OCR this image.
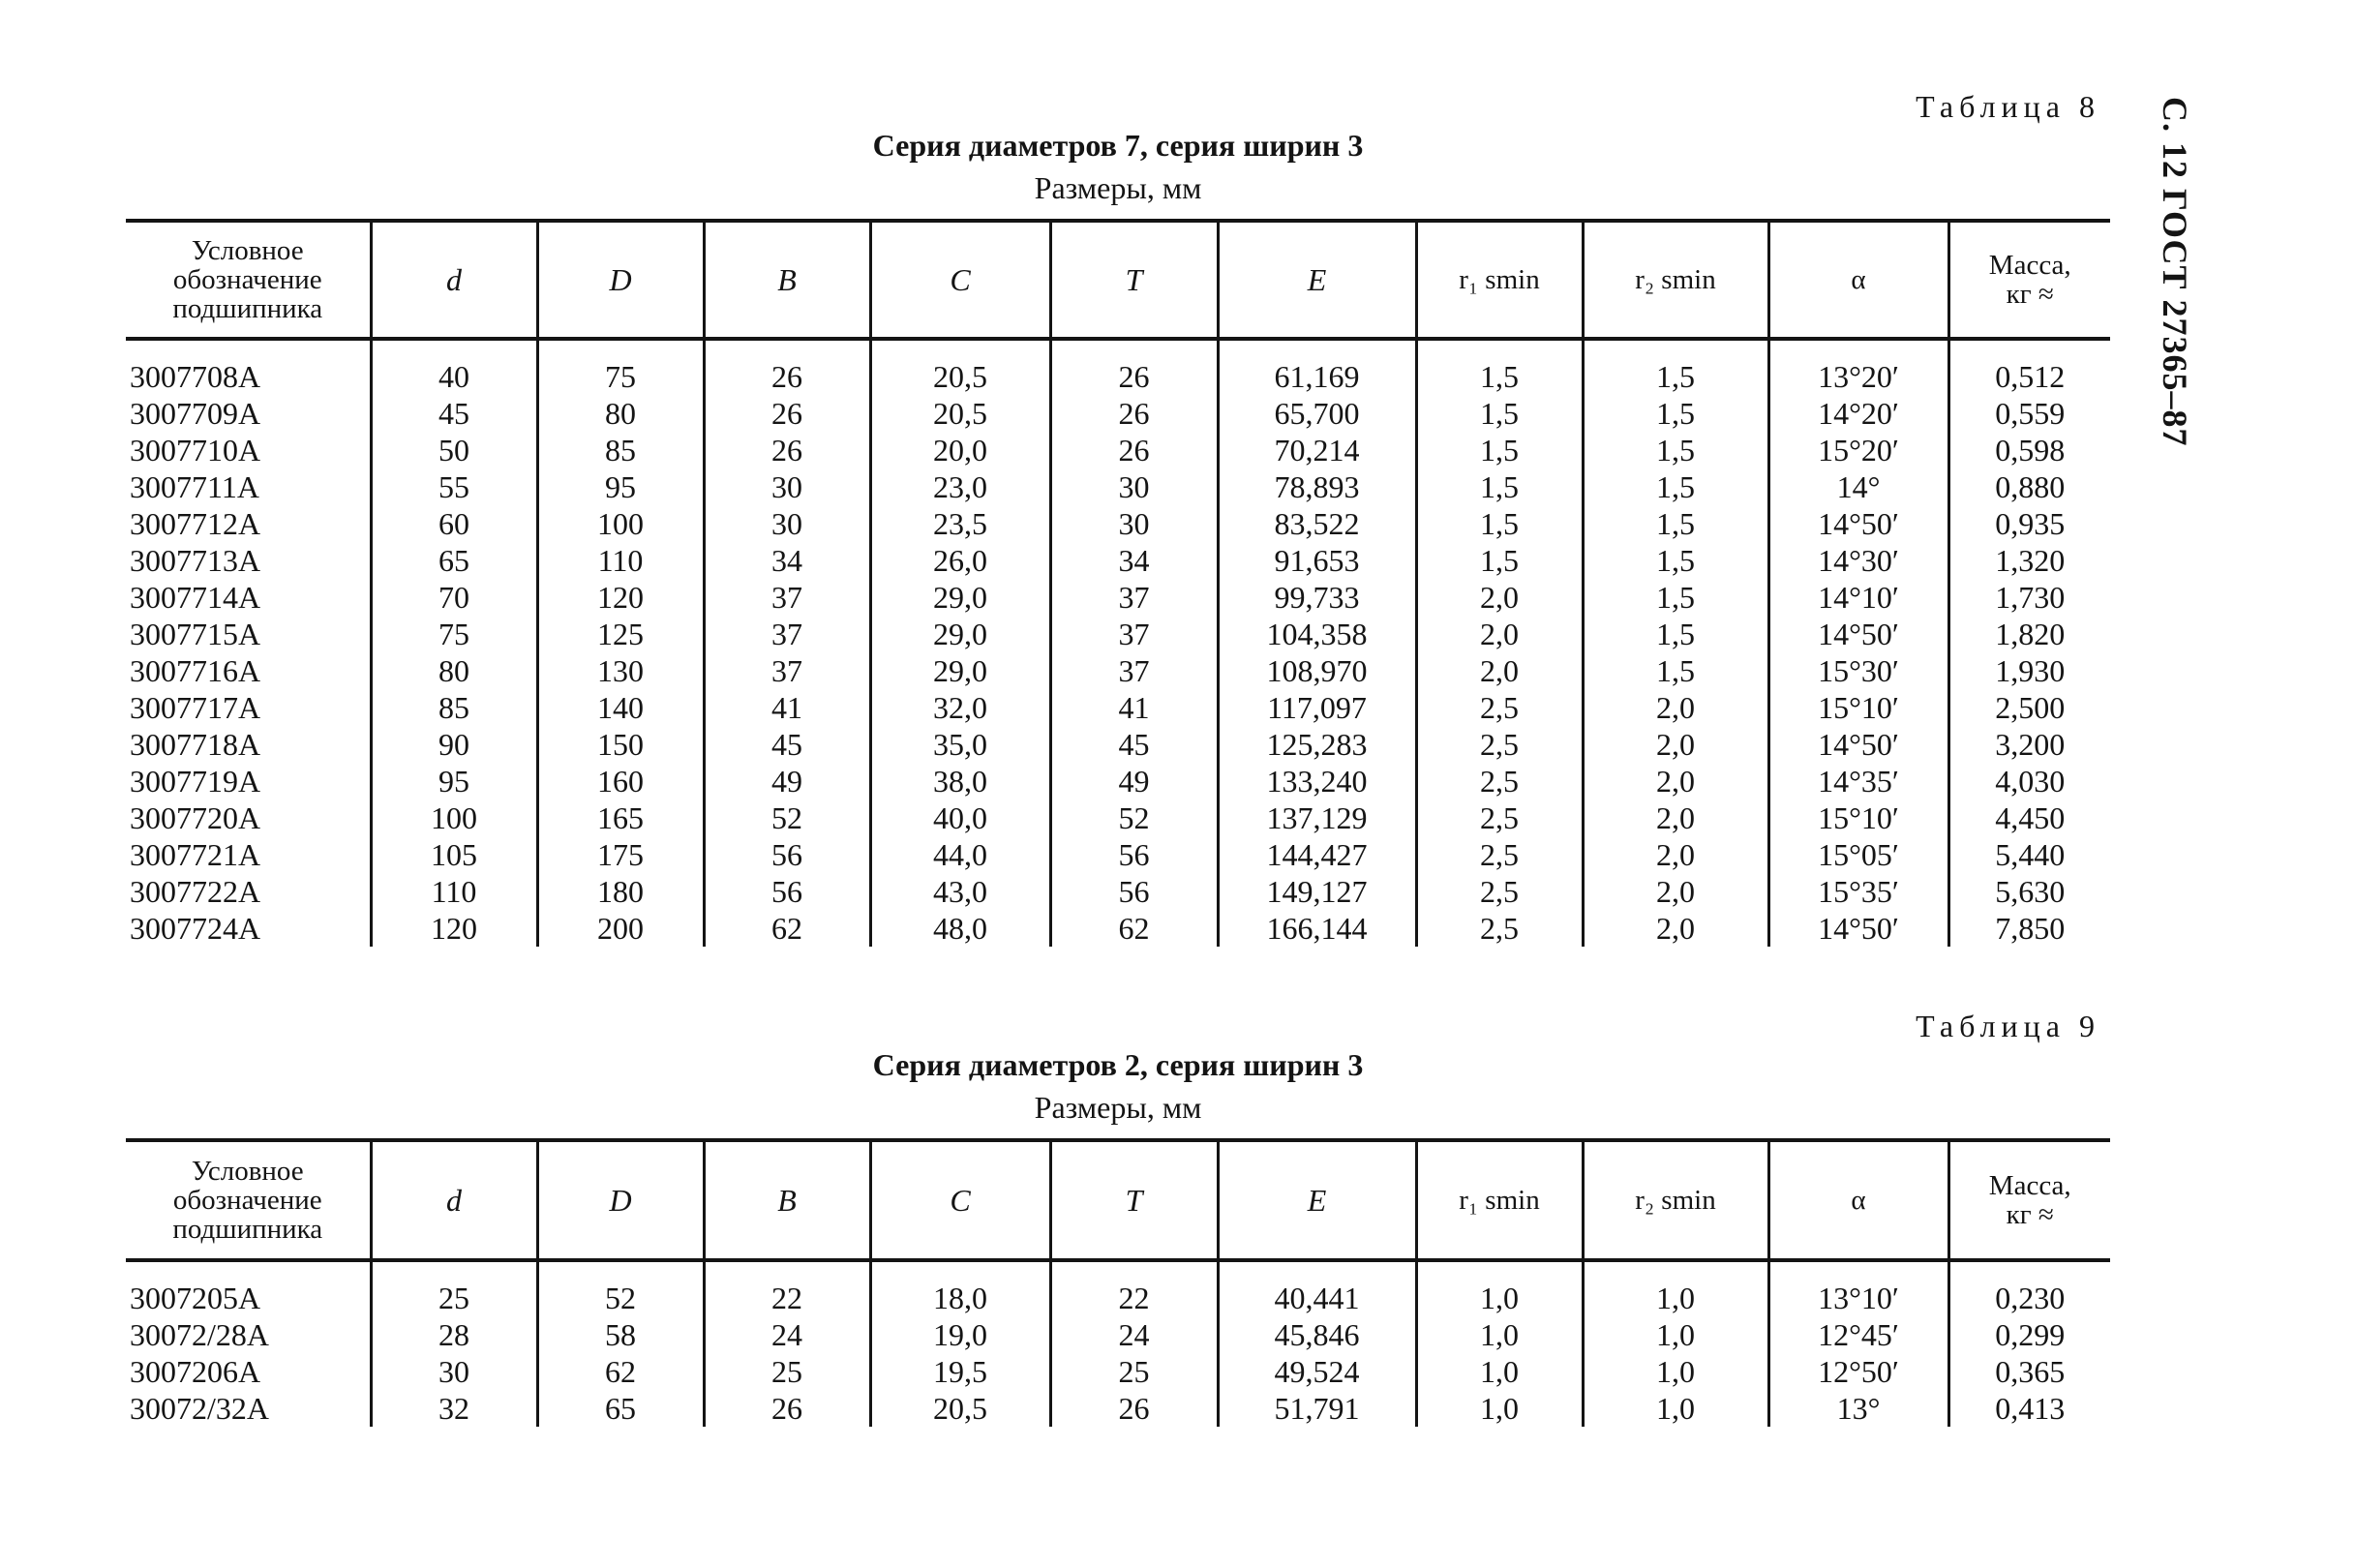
С. 12 ГОСТ 27365–87
Таблица 8
Серия диаметров 7, серия ширин 3
Размеры, мм
Условное
обозначение
подшипника	d	D	B	C	T	E	r₁ smin	r₂ smin	α	Масса,
кг ≈

3007708A	40	75	26	20,5	26	61,169	1,5	1,5	13°20′	0,512
3007709A	45	80	26	20,5	26	65,700	1,5	1,5	14°20′	0,559
3007710A	50	85	26	20,0	26	70,214	1,5	1,5	15°20′	0,598
3007711A	55	95	30	23,0	30	78,893	1,5	1,5	14°	0,880
3007712A	60	100	30	23,5	30	83,522	1,5	1,5	14°50′	0,935
3007713A	65	110	34	26,0	34	91,653	1,5	1,5	14°30′	1,320
3007714A	70	120	37	29,0	37	99,733	2,0	1,5	14°10′	1,730
3007715A	75	125	37	29,0	37	104,358	2,0	1,5	14°50′	1,820
3007716A	80	130	37	29,0	37	108,970	2,0	1,5	15°30′	1,930
3007717A	85	140	41	32,0	41	117,097	2,5	2,0	15°10′	2,500
3007718A	90	150	45	35,0	45	125,283	2,5	2,0	14°50′	3,200
3007719A	95	160	49	38,0	49	133,240	2,5	2,0	14°35′	4,030
3007720A	100	165	52	40,0	52	137,129	2,5	2,0	15°10′	4,450
3007721A	105	175	56	44,0	56	144,427	2,5	2,0	15°05′	5,440
3007722A	110	180	56	43,0	56	149,127	2,5	2,0	15°35′	5,630
3007724A	120	200	62	48,0	62	166,144	2,5	2,0	14°50′	7,850
Таблица 9
Серия диаметров 2, серия ширин 3
Размеры, мм
Условное
обозначение
подшипника	d	D	B	C	T	E	r₁ smin	r₂ smin	α	Масса,
кг ≈

3007205A	25	52	22	18,0	22	40,441	1,0	1,0	13°10′	0,230
30072/28A	28	58	24	19,0	24	45,846	1,0	1,0	12°45′	0,299
3007206A	30	62	25	19,5	25	49,524	1,0	1,0	12°50′	0,365
30072/32A	32	65	26	20,5	26	51,791	1,0	1,0	13°	0,413
